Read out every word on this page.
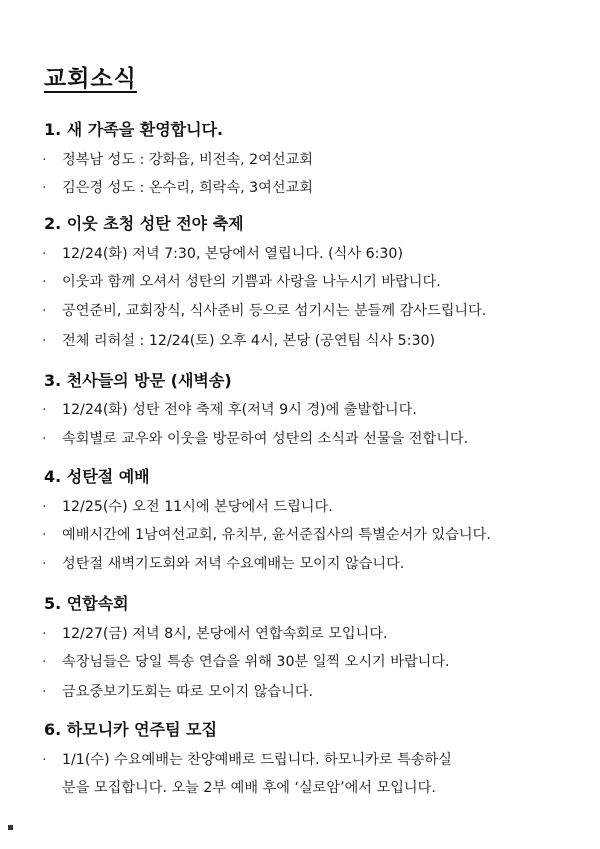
교회소식
1. 새 가족을 환영합니다.
· 정복남 성도 : 강화읍, 비전속, 2여선교회
· 김은경 성도 : 온수리, 희락속, 3여선교회
2. 이웃 초청 성탄 전야 축제
· 12/24(화) 저녁 7:30, 본당에서 열립니다. (식사 6:30)
· 이웃과 함께 오셔서 성탄의 기쁨과 사랑을 나누시기 바랍니다.
· 공연준비, 교회장식, 식사준비 등으로 섬기시는 분들께 감사드립니다.
· 전체 리허설 : 12/24(토) 오후 4시, 본당 (공연팀 식사 5:30)
3. 천사들의 방문 (새벽송)
· 12/24(화) 성탄 전야 축제 후(저녁 9시 경)에 출발합니다.
· 속회별로 교우와 이웃을 방문하여 성탄의 소식과 선물을 전합니다.
4. 성탄절 예배
· 12/25(수) 오전 11시에 본당에서 드립니다.
· 예배시간에 1남여선교회, 유치부, 윤서준집사의 특별순서가 있습니다.
· 성탄절 새벽기도회와 저녁 수요예배는 모이지 않습니다.
5. 연합속회
· 12/27(금) 저녁 8시, 본당에서 연합속회로 모입니다.
· 속장님들은 당일 특송 연습을 위해 30분 일찍 오시기 바랍니다.
· 금요중보기도회는 따로 모이지 않습니다.
6. 하모니카 연주팀 모집
· 1/1(수) 수요예배는 찬양예배로 드립니다. 하모니카로 특송하실
분을 모집합니다. 오늘 2부 예배 후에 ‘실로암’에서 모입니다.
